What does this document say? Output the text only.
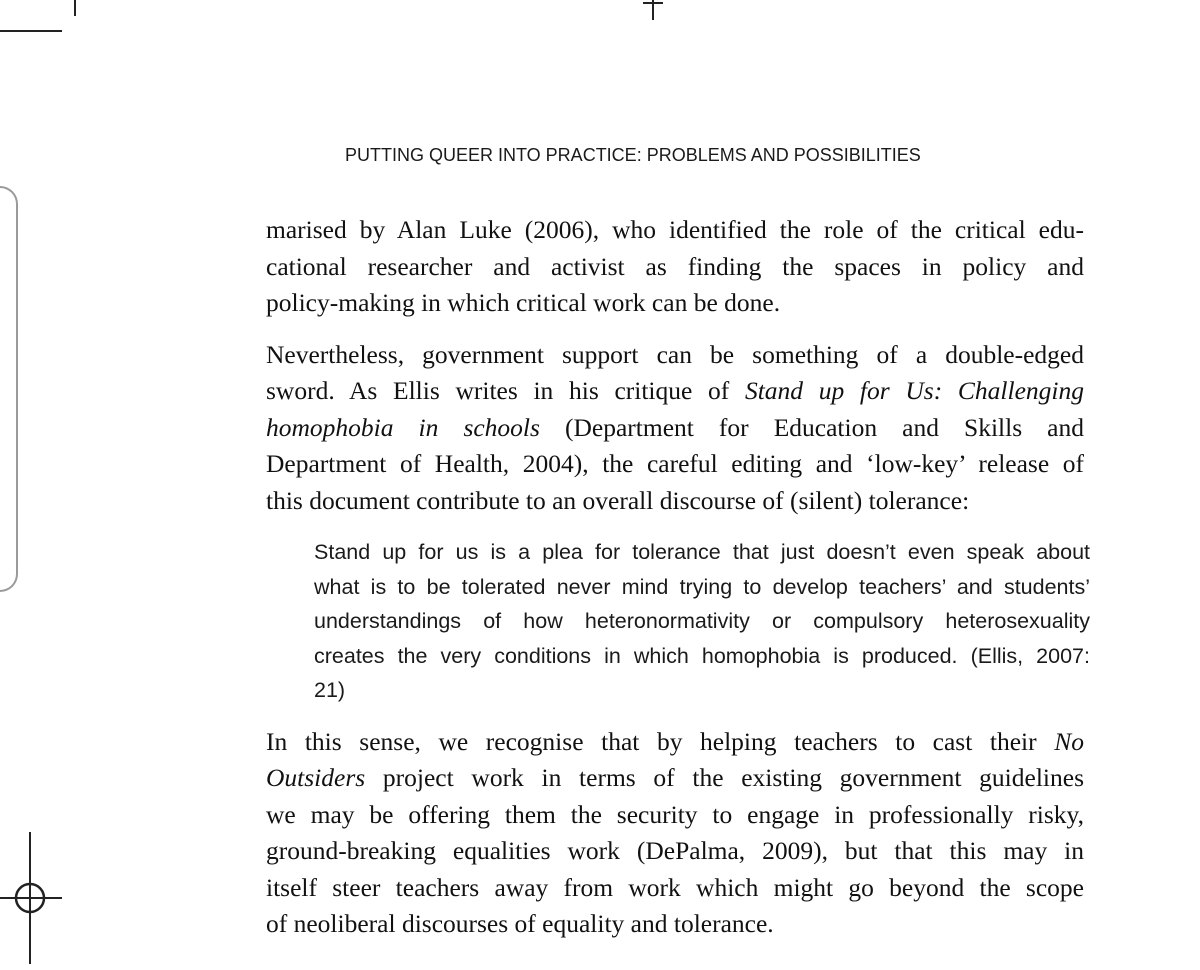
PUTTING QUEER INTO PRACTICE: PROBLEMS AND POSSIBILITIES

marised by Alan Luke (2006), who identified the role of the critical edu-
cational researcher and activist as finding the spaces in policy and
policy-making in which critical work can be done.

Nevertheless, government support can be something of a double-edged
sword. As Ellis writes in his critique of Stand up for Us: Challenging
homophobia in schools (Department for Education and Skills and
Department of Health, 2004), the careful editing and ‘low-key’ release of
this document contribute to an overall discourse of (silent) tolerance:

Stand up for us is a plea for tolerance that just doesn’t even speak about
what is to be tolerated never mind trying to develop teachers’ and students’
understandings of how heteronormativity or compulsory heterosexuality
creates the very conditions in which homophobia is produced. (Ellis, 2007:
21)

In this sense, we recognise that by helping teachers to cast their No
Outsiders project work in terms of the existing government guidelines
we may be offering them the security to engage in professionally risky,
ground-breaking equalities work (DePalma, 2009), but that this may in
itself steer teachers away from work which might go beyond the scope
of neoliberal discourses of equality and tolerance.
